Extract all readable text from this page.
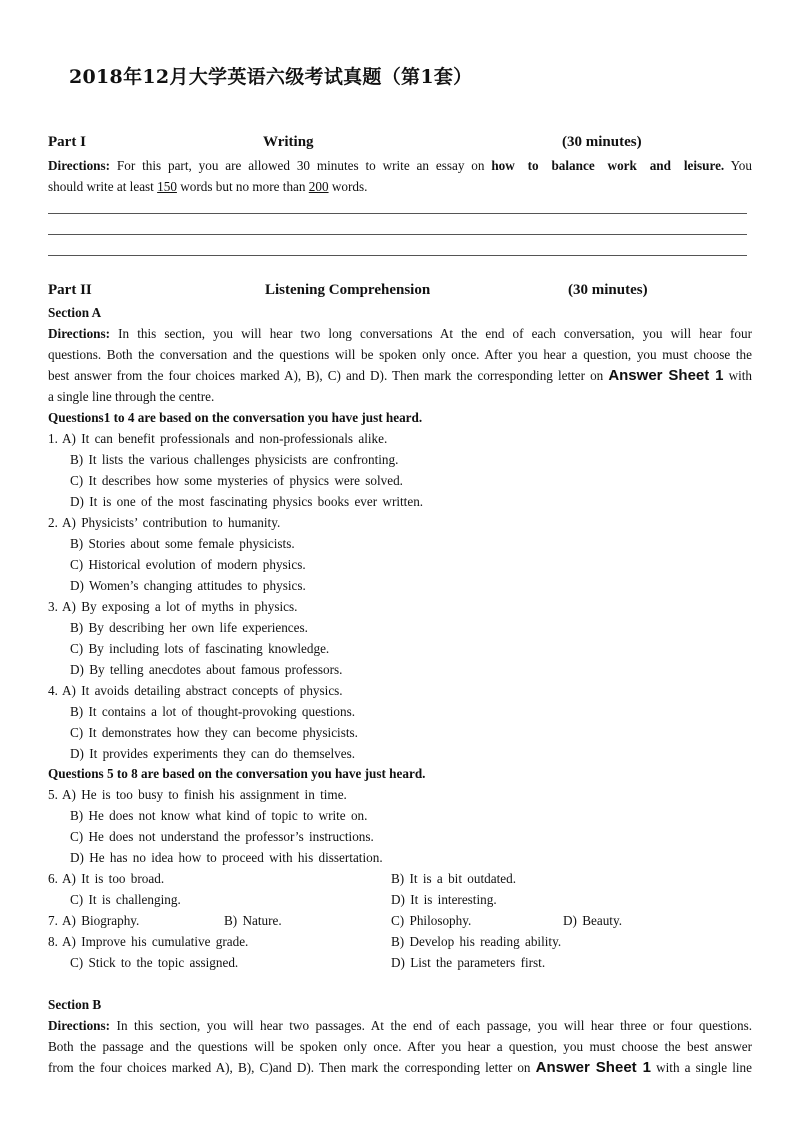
2018年12月大学英语六级考试真题（第1套）
Part I	Writing	(30 minutes)
Directions: For this part, you are allowed 30 minutes to write an essay on how to balance work and leisure. You
should write at least 150 words but no more than 200 words.
Part II	Listening Comprehension	(30 minutes)
Section A
Directions: In this section, you will hear two long conversations At the end of each conversation, you will hear four
questions. Both the conversation and the questions will be spoken only once. After you hear a question, you must choose the
best answer from the four choices marked A), B), C) and D). Then mark the corresponding letter on Answer Sheet 1 with
a single line through the centre.
Questions1 to 4 are based on the conversation you have just heard.
1. A) It can benefit professionals and non-professionals alike.
B) It lists the various challenges physicists are confronting.
C) It describes how some mysteries of physics were solved.
D) It is one of the most fascinating physics books ever written.
2. A) Physicists’ contribution to humanity.
B) Stories about some female physicists.
C) Historical evolution of modern physics.
D) Women’s changing attitudes to physics.
3. A) By exposing a lot of myths in physics.
B) By describing her own life experiences.
C) By including lots of fascinating knowledge.
D) By telling anecdotes about famous professors.
4. A) It avoids detailing abstract concepts of physics.
B) It contains a lot of thought-provoking questions.
C) It demonstrates how they can become physicists.
D) It provides experiments they can do themselves.
Questions 5 to 8 are based on the conversation you have just heard.
5. A) He is too busy to finish his assignment in time.
B) He does not know what kind of topic to write on.
C) He does not understand the professor’s instructions.
D) He has no idea how to proceed with his dissertation.
6. A) It is too broad.	B) It is a bit outdated.
C) It is challenging.	D) It is interesting.
7. A) Biography.	B) Nature.	C) Philosophy.	D) Beauty.
8. A) Improve his cumulative grade.	B) Develop his reading ability.
C) Stick to the topic assigned.	D) List the parameters first.
Section B
Directions: In this section, you will hear two passages. At the end of each passage, you will hear three or four questions.
Both the passage and the questions will be spoken only once. After you hear a question, you must choose the best answer
from the four choices marked A), B), C)and D). Then mark the corresponding letter on Answer Sheet 1 with a single line
